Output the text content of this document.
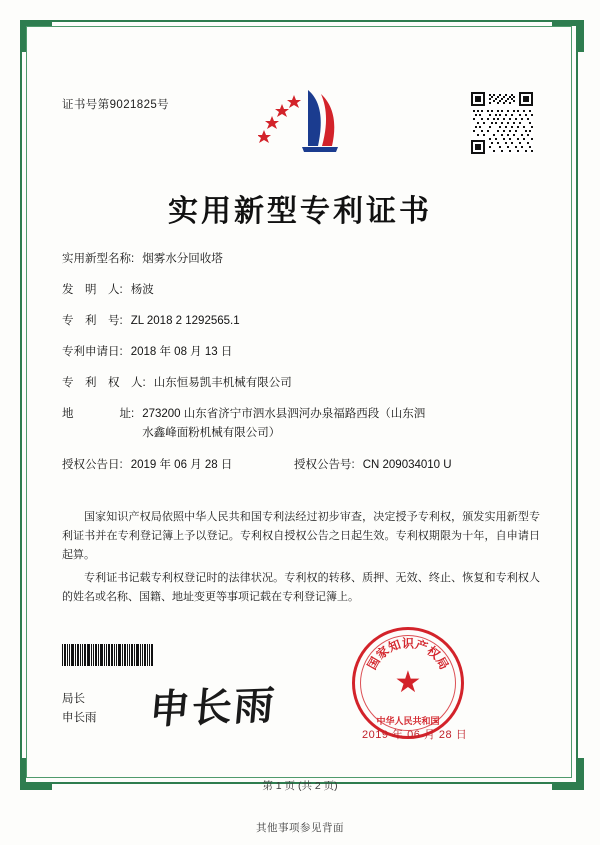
证书号第9021825号
实用新型专利证书
实用新型名称: 烟雾水分回收塔
发　明　人: 杨波
专　利　号: ZL 2018 2 1292565.1
专利申请日: 2018 年 08 月 13 日
专　利　权　人: 山东恒易凯丰机械有限公司
地　　　　址: 273200 山东省济宁市泗水县泗河办泉福路西段（山东泗
水鑫峰面粉机械有限公司）
授权公告日: 2019 年 06 月 28 日	授权公告号: CN 209034010 U

国家知识产权局依照中华人民共和国专利法经过初步审查，决定授予专利权，颁发实用新型专利证书并在专利登记簿上予以登记。专利权自授权公告之日起生效。专利权期限为十年，自申请日起算。

专利证书记载专利权登记时的法律状况。专利权的转移、质押、无效、终止、恢复和专利权人的姓名或名称、国籍、地址变更等事项记载在专利登记簿上。

国
家
知 识 产
权
局
★
中华人民共和国
申长雨
局长
申长雨
2019 年 06 月 28 日
第 1 页 (共 2 页)
其他事项参见背面
